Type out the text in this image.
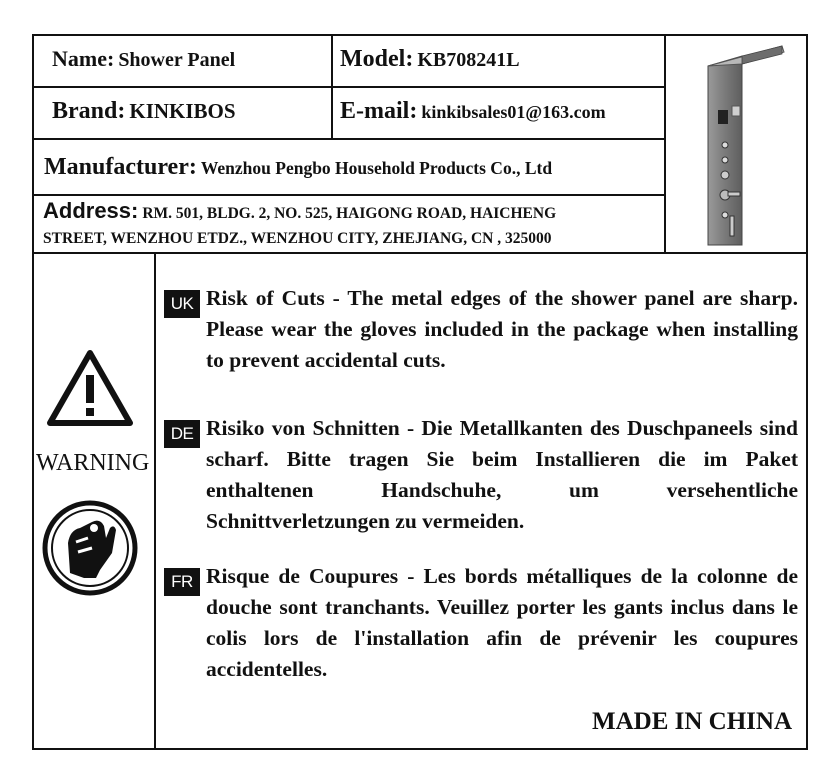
Name: Shower Panel	Model: KB708241L
Brand: KINKIBOS	E-mail: kinkibsales01@163.com
Manufacturer: Wenzhou Pengbo Household Products Co., Ltd
Address: RM. 501, BLDG. 2, NO. 525, HAIGONG ROAD, HAICHENG
STREET, WENZHOU ETDZ., WENZHOU CITY, ZHEJIANG, CN , 325000
WARNING
UK Risk of Cuts - The metal edges of the shower panel are sharp. Please wear the gloves included in the package when installing to prevent accidental cuts.
DE Risiko von Schnitten - Die Metallkanten des Duschpaneels sind scharf. Bitte tragen Sie beim Installieren die im Paket enthaltenen Handschuhe, um versehentliche Schnittverletzungen zu vermeiden.
FR Risque de Coupures - Les bords métalliques de la colonne de douche sont tranchants. Veuillez porter les gants inclus dans le colis lors de l'installation afin de prévenir les coupures accidentelles.
MADE IN CHINA
